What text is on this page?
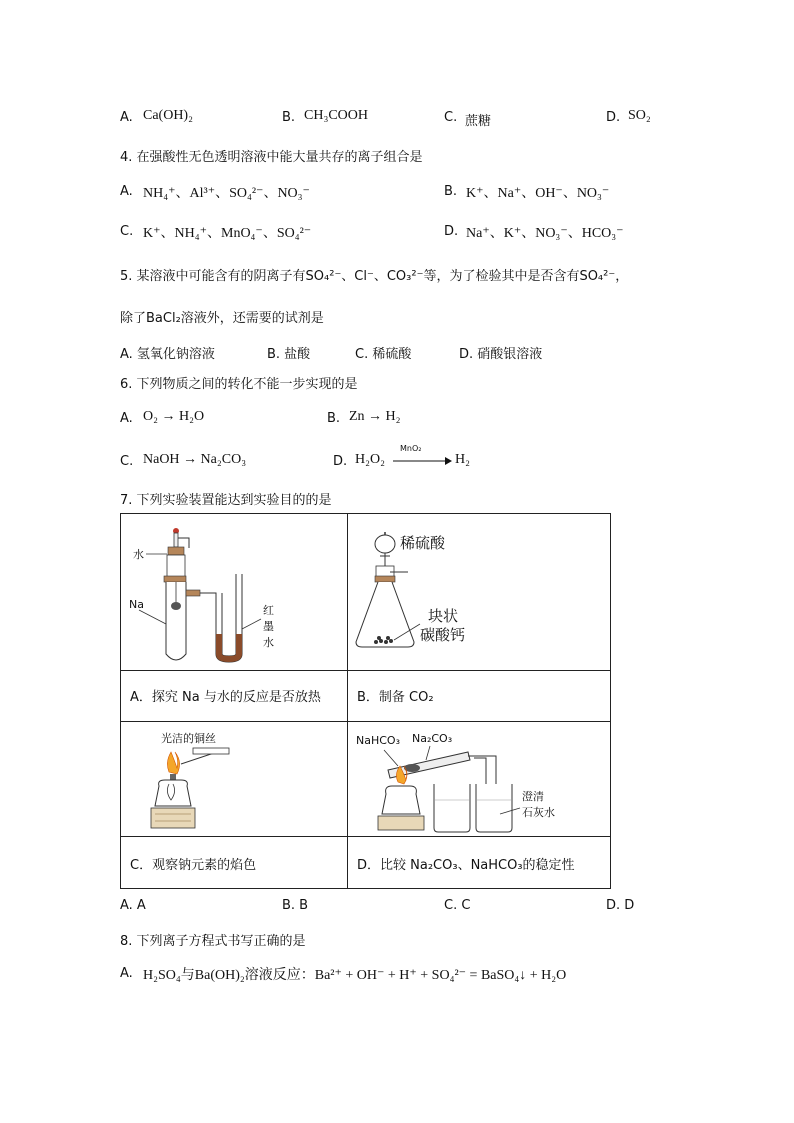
A. Ca(OH)₂	B. CH₃COOH	C. 蔗糖	D. SO₂
4. 在强酸性无色透明溶液中能大量共存的离子组合是
A. NH₄⁺、Al³⁺、SO₄²⁻、NO₃⁻	B. K⁺、Na⁺、OH⁻、NO₃⁻
C. K⁺、NH₄⁺、MnO₄⁻、SO₄²⁻	D. Na⁺、K⁺、NO₃⁻、HCO₃⁻
5. 某溶液中可能含有的阴离子有SO₄²⁻、Cl⁻、CO₃²⁻等，为了检验其中是否含有SO₄²⁻，
除了BaCl₂溶液外，还需要的试剂是
A. 氢氧化钠溶液	B. 盐酸	C. 稀硫酸	D. 硝酸银溶液
6. 下列物质之间的转化不能一步实现的是
A. O₂ → H₂O	B. Zn → H₂
C. NaOH → Na₂CO₃	D. H₂O₂
MnO₂
H₂
7. 下列实验装置能达到实验目的的是
水
Na	红
墨
水
稀硫酸
块状
碳酸钙
A．探究 Na 与水的反应是否放热	B．制备 CO₂
光洁的铜丝	NaHCO₃ Na₂CO₃
澄清
石灰水
C．观察钠元素的焰色	D．比较 Na₂CO₃、NaHCO₃的稳定性
A. A	B. B	C. C	D. D
8. 下列离子方程式书写正确的是
A. H₂SO₄与Ba(OH)₂溶液反应：Ba²⁺ + OH⁻ + H⁺ + SO₄²⁻ = BaSO₄↓ + H₂O
